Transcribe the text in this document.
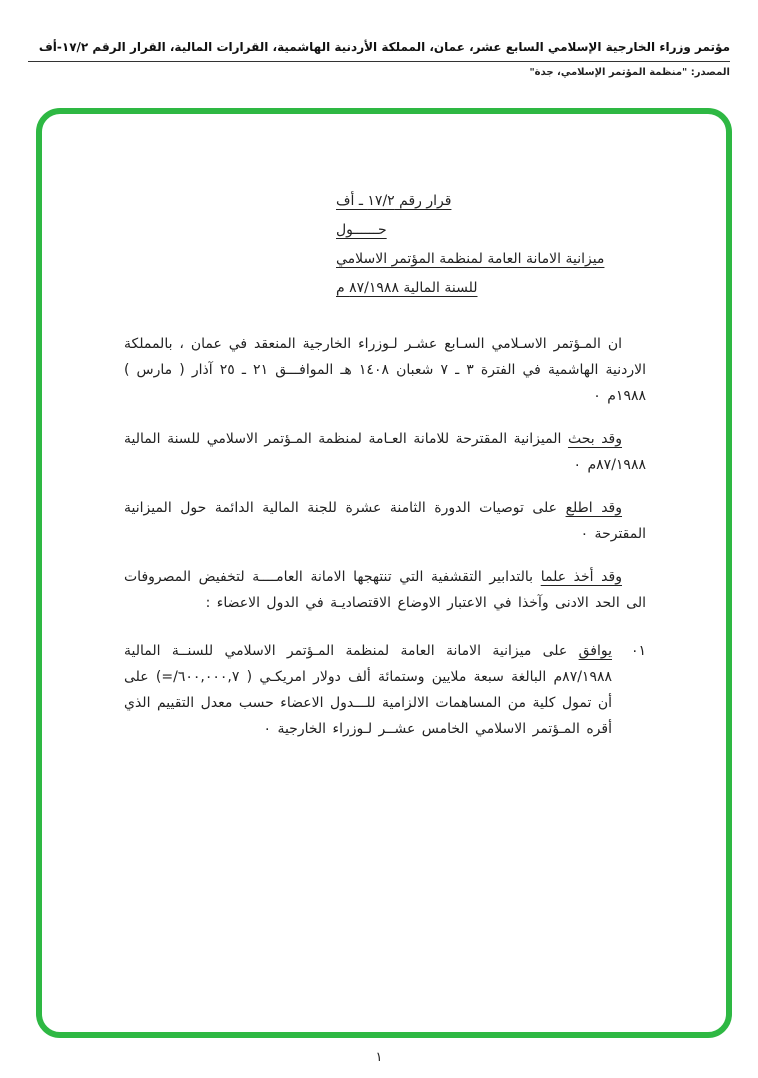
مؤتمر وزراء الخارجية الإسلامي السابع عشر، عمان، المملكة الأردنية الهاشمية، القرارات المالية، القرار الرقم ١٧/٢-أف
المصدر: "منظمة المؤتمر الإسلامي، جدة"
قرار رقم ١٧/٢ ـ أف
حــــــول
ميزانية الامانة العامة لمنظمة المؤتمر الاسلامي
للسنة المالية ٨٧/١٩٨٨ م

ان المـؤتمر الاسـلامي السـابع عشـر لـوزراء الخارجية المنعقد في عمان ، بالمملكة الاردنية الهاشمية في الفترة ٣ ـ ٧ شعبان ١٤٠٨ هـ الموافـــق ٢١ ـ ٢٥ آذار ( مارس ) ١٩٨٨م ٠

وقد بحث الميزانية المقترحة للامانة العـامة لمنظمة المـؤتمر الاسلامي للسنة المالية ٨٧/١٩٨٨م ٠

وقد اطلع على توصيات الدورة الثامنة عشرة للجنة المالية الدائمة حول الميزانية المقترحة ٠

وقد أخذ علما بالتدابير التقشفية التي تنتهجها الامانة العامــــة لتخفيض المصروفات الى الحد الادنى وآخذا في الاعتبار الاوضاع الاقتصاديـة في الدول الاعضاء :

٠١

يوافق على ميزانية الامانة العامة لمنظمة المـؤتمر الاسلامي للسنــة المالية ٨٧/١٩٨٨م البالغة سبعة ملايين وستمائة ألف دولار امريكـي ‭(=/٦٠٠,٠٠٠,٧ )‬ على أن تمول كلية من المساهمات الالزامية للـــدول الاعضاء حسب معدل التقييم الذي أقره المـؤتمر الاسلامي الخامس عشــر لـوزراء الخارجية ٠

١
